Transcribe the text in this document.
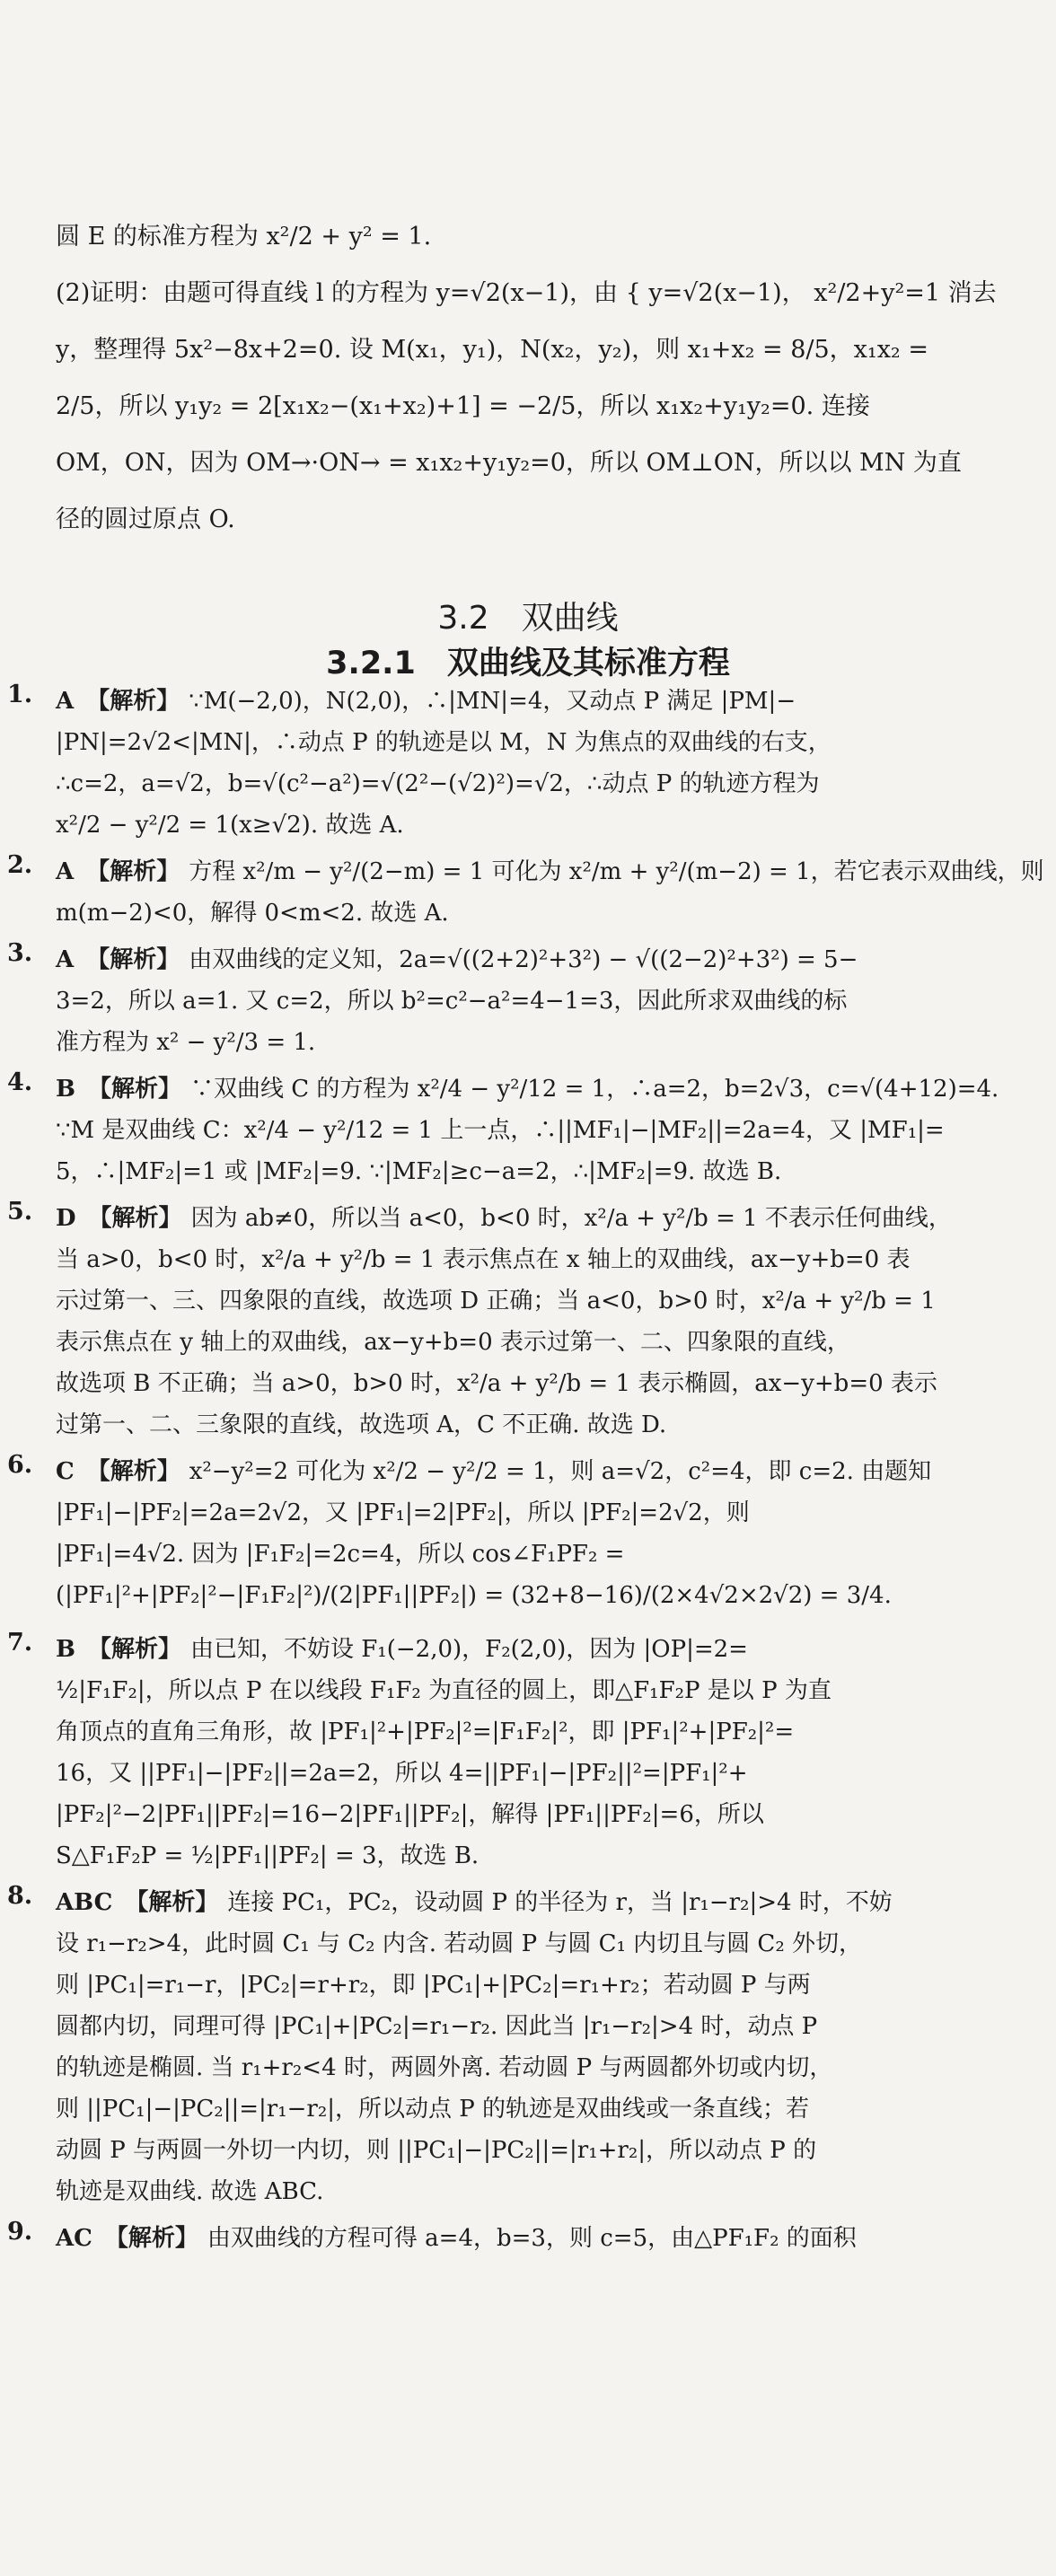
圆 E 的标准方程为 x²/2 + y² = 1.

(2)证明：由题可得直线 l 的方程为 y=√2(x−1)，由 { y=√2(x−1)， x²/2+y²=1 消去

y，整理得 5x²−8x+2=0. 设 M(x₁，y₁)，N(x₂，y₂)，则 x₁+x₂ = 8/5，x₁x₂ =

2/5，所以 y₁y₂ = 2[x₁x₂−(x₁+x₂)+1] = −2/5，所以 x₁x₂+y₁y₂=0. 连接

OM，ON，因为 OM→·ON→ = x₁x₂+y₁y₂=0，所以 OM⊥ON，所以以 MN 为直

径的圆过原点 O.

3.2　双曲线
3.2.1　双曲线及其标准方程
1. A 【解析】 ∵M(−2,0)，N(2,0)，∴|MN|=4，又动点 P 满足 |PM|−

|PN|=2√2<|MN|，∴动点 P 的轨迹是以 M，N 为焦点的双曲线的右支，

∴c=2，a=√2，b=√(c²−a²)=√(2²−(√2)²)=√2，∴动点 P 的轨迹方程为

x²/2 − y²/2 = 1(x≥√2). 故选 A.

2. A 【解析】 方程 x²/m − y²/(2−m) = 1 可化为 x²/m + y²/(m−2) = 1，若它表示双曲线，则

m(m−2)<0，解得 0<m<2. 故选 A.

3. A 【解析】 由双曲线的定义知，2a=√((2+2)²+3²) − √((2−2)²+3²) = 5−

3=2，所以 a=1. 又 c=2，所以 b²=c²−a²=4−1=3，因此所求双曲线的标

准方程为 x² − y²/3 = 1.

4. B 【解析】 ∵双曲线 C 的方程为 x²/4 − y²/12 = 1，∴a=2，b=2√3，c=√(4+12)=4.

∵M 是双曲线 C：x²/4 − y²/12 = 1 上一点，∴||MF₁|−|MF₂||=2a=4，又 |MF₁|=

5，∴|MF₂|=1 或 |MF₂|=9. ∵|MF₂|≥c−a=2，∴|MF₂|=9. 故选 B.

5. D 【解析】 因为 ab≠0，所以当 a<0，b<0 时，x²/a + y²/b = 1 不表示任何曲线，

当 a>0，b<0 时，x²/a + y²/b = 1 表示焦点在 x 轴上的双曲线，ax−y+b=0 表

示过第一、三、四象限的直线，故选项 D 正确；当 a<0，b>0 时，x²/a + y²/b = 1

表示焦点在 y 轴上的双曲线，ax−y+b=0 表示过第一、二、四象限的直线，

故选项 B 不正确；当 a>0，b>0 时，x²/a + y²/b = 1 表示椭圆，ax−y+b=0 表示

过第一、二、三象限的直线，故选项 A，C 不正确. 故选 D.

6. C 【解析】 x²−y²=2 可化为 x²/2 − y²/2 = 1，则 a=√2，c²=4，即 c=2. 由题知

|PF₁|−|PF₂|=2a=2√2，又 |PF₁|=2|PF₂|，所以 |PF₂|=2√2，则

|PF₁|=4√2. 因为 |F₁F₂|=2c=4，所以 cos∠F₁PF₂ =

(|PF₁|²+|PF₂|²−|F₁F₂|²)/(2|PF₁||PF₂|) = (32+8−16)/(2×4√2×2√2) = 3/4.

7. B 【解析】 由已知，不妨设 F₁(−2,0)，F₂(2,0)，因为 |OP|=2=

½|F₁F₂|，所以点 P 在以线段 F₁F₂ 为直径的圆上，即△F₁F₂P 是以 P 为直

角顶点的直角三角形，故 |PF₁|²+|PF₂|²=|F₁F₂|²，即 |PF₁|²+|PF₂|²=

16，又 ||PF₁|−|PF₂||=2a=2，所以 4=||PF₁|−|PF₂||²=|PF₁|²+

|PF₂|²−2|PF₁||PF₂|=16−2|PF₁||PF₂|，解得 |PF₁||PF₂|=6，所以

S△F₁F₂P = ½|PF₁||PF₂| = 3，故选 B.

8. ABC 【解析】 连接 PC₁，PC₂，设动圆 P 的半径为 r，当 |r₁−r₂|>4 时，不妨

设 r₁−r₂>4，此时圆 C₁ 与 C₂ 内含. 若动圆 P 与圆 C₁ 内切且与圆 C₂ 外切，

则 |PC₁|=r₁−r，|PC₂|=r+r₂，即 |PC₁|+|PC₂|=r₁+r₂；若动圆 P 与两

圆都内切，同理可得 |PC₁|+|PC₂|=r₁−r₂. 因此当 |r₁−r₂|>4 时，动点 P

的轨迹是椭圆. 当 r₁+r₂<4 时，两圆外离. 若动圆 P 与两圆都外切或内切，

则 ||PC₁|−|PC₂||=|r₁−r₂|，所以动点 P 的轨迹是双曲线或一条直线；若

动圆 P 与两圆一外切一内切，则 ||PC₁|−|PC₂||=|r₁+r₂|，所以动点 P 的

轨迹是双曲线. 故选 ABC.

9. AC 【解析】 由双曲线的方程可得 a=4，b=3，则 c=5，由△PF₁F₂ 的面积
